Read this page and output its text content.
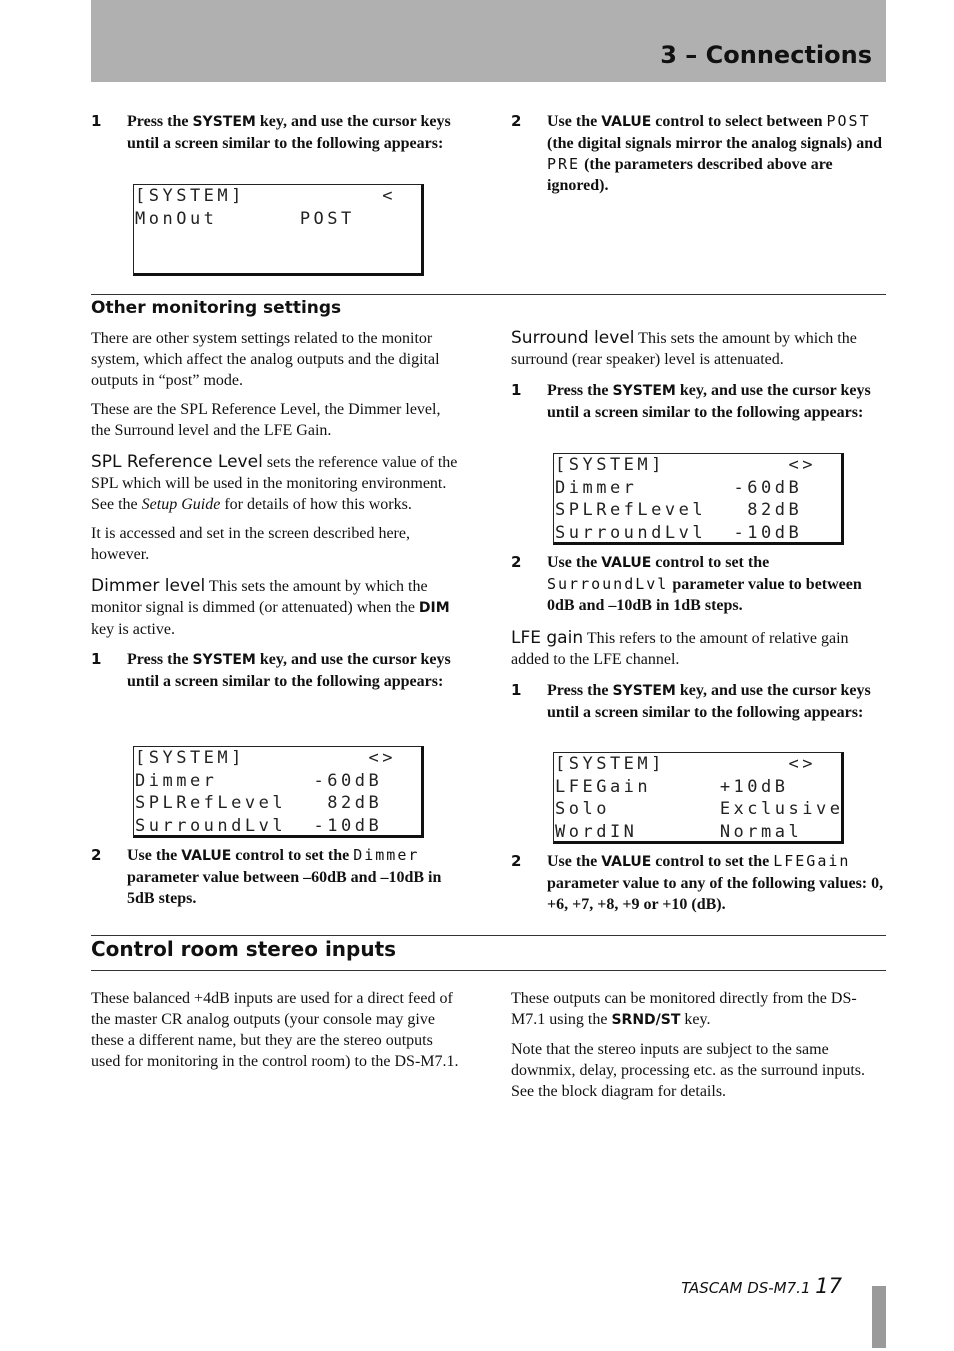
3 – Connections
1 Press the SYSTEM key, and use the cursor keys until a screen similar to the following appears:
[SYSTEM]          <
MonOut      POST
2 Use the VALUE control to select between POST (the digital signals mirror the analog signals) and PRE (the parameters described above are ignored).
Other monitoring settings

There are other system settings related to the monitor system, which affect the analog outputs and the digital outputs in “post” mode.

These are the SPL Reference Level, the Dimmer level, the Surround level and the LFE Gain.

SPL Reference Level sets the reference value of the SPL which will be used in the monitoring environment. See the Setup Guide for details of how this works.

It is accessed and set in the screen described here, however.

Dimmer level This sets the amount by which the monitor signal is dimmed (or attenuated) when the DIM key is active.

1 Press the SYSTEM key, and use the cursor keys until a screen similar to the following appears:
[SYSTEM]         <>
Dimmer       -60dB
SPLRefLevel   82dB
SurroundLvl  -10dB
2 Use the VALUE control to set the Dimmer parameter value between –60dB and –10dB in 5dB steps.

Surround level This sets the amount by which the surround (rear speaker) level is attenuated.

1 Press the SYSTEM key, and use the cursor keys until a screen similar to the following appears:
[SYSTEM]         <>
Dimmer       -60dB
SPLRefLevel   82dB
SurroundLvl  -10dB
2 Use the VALUE control to set the SurroundLvl parameter value to between 0dB and –10dB in 1dB steps.

LFE gain This refers to the amount of relative gain added to the LFE channel.

1 Press the SYSTEM key, and use the cursor keys until a screen similar to the following appears:
[SYSTEM]         <>
LFEGain     +10dB
Solo        Exclusive
WordIN      Normal
2 Use the VALUE control to set the LFEGain parameter value to any of the following values: 0, +6, +7, +8, +9 or +10 (dB).
Control room stereo inputs

These balanced +4dB inputs are used for a direct feed of the master CR analog outputs (your console may give these a different name, but they are the stereo outputs used for monitoring in the control room) to the DS-M7.1.

These outputs can be monitored directly from the DS-M7.1 using the SRND/ST key.

Note that the stereo inputs are subject to the same downmix, delay, processing etc. as the surround inputs. See the block diagram for details.

TASCAM DS-M7.1 17
